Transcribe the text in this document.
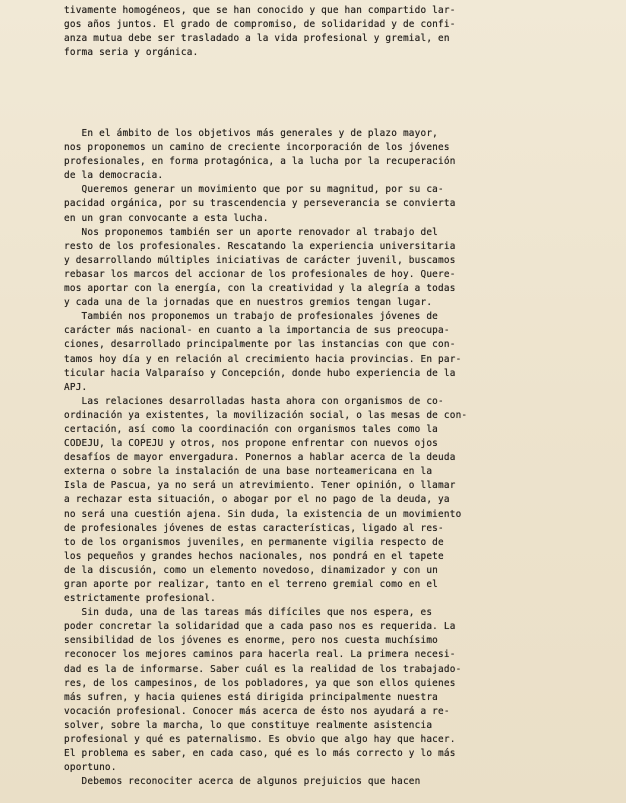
tivamente homogéneos, que se han conocido y que han compartido lar-
gos años juntos. El grado de compromiso, de solidaridad y de confi-
anza mutua debe ser trasladado a la vida profesional y gremial, en
forma seria y orgánica.
En el ámbito de los objetivos más generales y de plazo mayor,
nos proponemos un camino de creciente incorporación de los jóvenes
profesionales, en forma protagónica, a la lucha por la recuperación
de la democracia.
Queremos generar un movimiento que por su magnitud, por su ca-
pacidad orgánica, por su trascendencia y perseverancia se convierta
en un gran convocante a esta lucha.
Nos proponemos también ser un aporte renovador al trabajo del
resto de los profesionales. Rescatando la experiencia universitaria
y desarrollando múltiples iniciativas de carácter juvenil, buscamos
rebasar los marcos del accionar de los profesionales de hoy. Quere-
mos aportar con la energía, con la creatividad y la alegría a todas
y cada una de la jornadas que en nuestros gremios tengan lugar.
También nos proponemos un trabajo de profesionales jóvenes de
carácter más nacional- en cuanto a la importancia de sus preocupa-
ciones, desarrollado principalmente por las instancias con que con-
tamos hoy día y en relación al crecimiento hacia provincias. En par-
ticular hacia Valparaíso y Concepción, donde hubo experiencia de la
APJ.
Las relaciones desarrolladas hasta ahora con organismos de co-
ordinación ya existentes, la movilización social, o las mesas de con-
certación, así como la coordinación con organismos tales como la
CODEJU, la COPEJU y otros, nos propone enfrentar con nuevos ojos
desafíos de mayor envergadura. Ponernos a hablar acerca de la deuda
externa o sobre la instalación de una base norteamericana en la
Isla de Pascua, ya no será un atrevimiento. Tener opinión, o llamar
a rechazar esta situación, o abogar por el no pago de la deuda, ya
no será una cuestión ajena. Sin duda, la existencia de un movimiento
de profesionales jóvenes de estas características, ligado al res-
to de los organismos juveniles, en permanente vigilia respecto de
los pequeños y grandes hechos nacionales, nos pondrá en el tapete
de la discusión, como un elemento novedoso, dinamizador y con un
gran aporte por realizar, tanto en el terreno gremial como en el
estrictamente profesional.
Sin duda, una de las tareas más difíciles que nos espera, es
poder concretar la solidaridad que a cada paso nos es requerida. La
sensibilidad de los jóvenes es enorme, pero nos cuesta muchísimo
reconocer los mejores caminos para hacerla real. La primera necesi-
dad es la de informarse. Saber cuál es la realidad de los trabajado-
res, de los campesinos, de los pobladores, ya que son ellos quienes
más sufren, y hacia quienes está dirigida principalmente nuestra
vocación profesional. Conocer más acerca de ésto nos ayudará a re-
solver, sobre la marcha, lo que constituye realmente asistencia
profesional y qué es paternalismo. Es obvio que algo hay que hacer.
El problema es saber, en cada caso, qué es lo más correcto y lo más
oportuno.
Debemos reconociter acerca de algunos prejuicios que hacen
